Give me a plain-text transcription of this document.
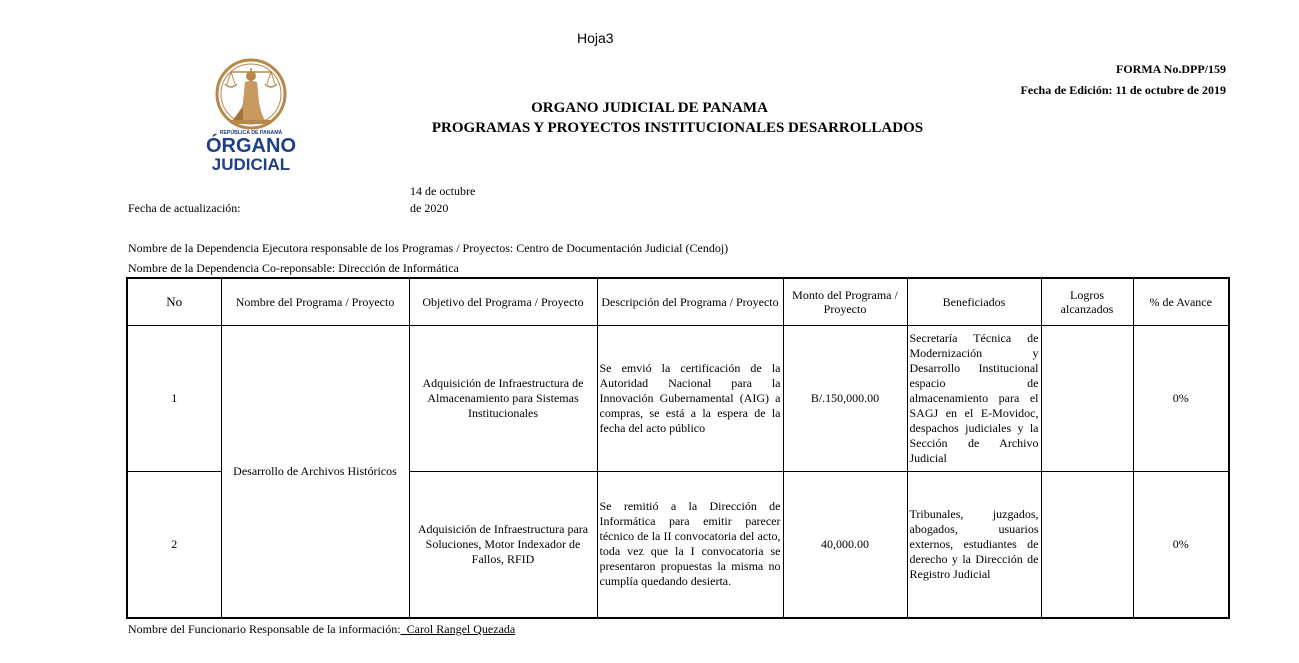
Hoja3
FORMA No.DPP/159
Fecha de Edición: 11 de octubre de 2019
ORGANO JUDICIAL DE PANAMA
PROGRAMAS Y PROYECTOS INSTITUCIONALES DESARROLLADOS
REPÚBLICA DE PANAMÁ
ÓRGANO
JUDICIAL
Fecha de actualización:
14 de octubre
de 2020
Nombre de la Dependencia Ejecutora responsable de los Programas / Proyectos: Centro de Documentación Judicial (Cendoj)
Nombre de la Dependencia Co-reponsable: Dirección de Informática
No	Nombre del Programa / Proyecto	Objetivo del Programa / Proyecto	Descripción del Programa / Proyecto	Monto del Programa / Proyecto	Beneficiados	Logros alcanzados	% de Avance
1	Desarrollo de Archivos Históricos	Adquisición de Infraestructura de Almacenamiento para Sistemas Institucionales	Se emvió la certificación de la Autoridad Nacional para la Innovación Gubernamental (AIG) a compras, se está a la espera de la fecha del acto público	B/.150,000.00	Secretaría Técnica de Modernización y Desarrollo Institucional espacio de almacenamiento para el SAGJ en el E-Movidoc, despachos judiciales y la Sección de Archivo Judicial		0%
2		Adquisición de Infraestructura para Soluciones, Motor Indexador de Fallos, RFID	Se remitió a la Dirección de Informática para emitir parecer técnico de la II convocatoria del acto, toda vez que la I convocatoria se presentaron propuestas la misma no cumplía quedando desierta.	40,000.00	Tribunales, juzgados, abogados, usuarios externos, estudiantes de derecho y la Dirección de Registro Judicial		0%
Nombre del Funcionario Responsable de la información:  Carol Rangel Quezada
